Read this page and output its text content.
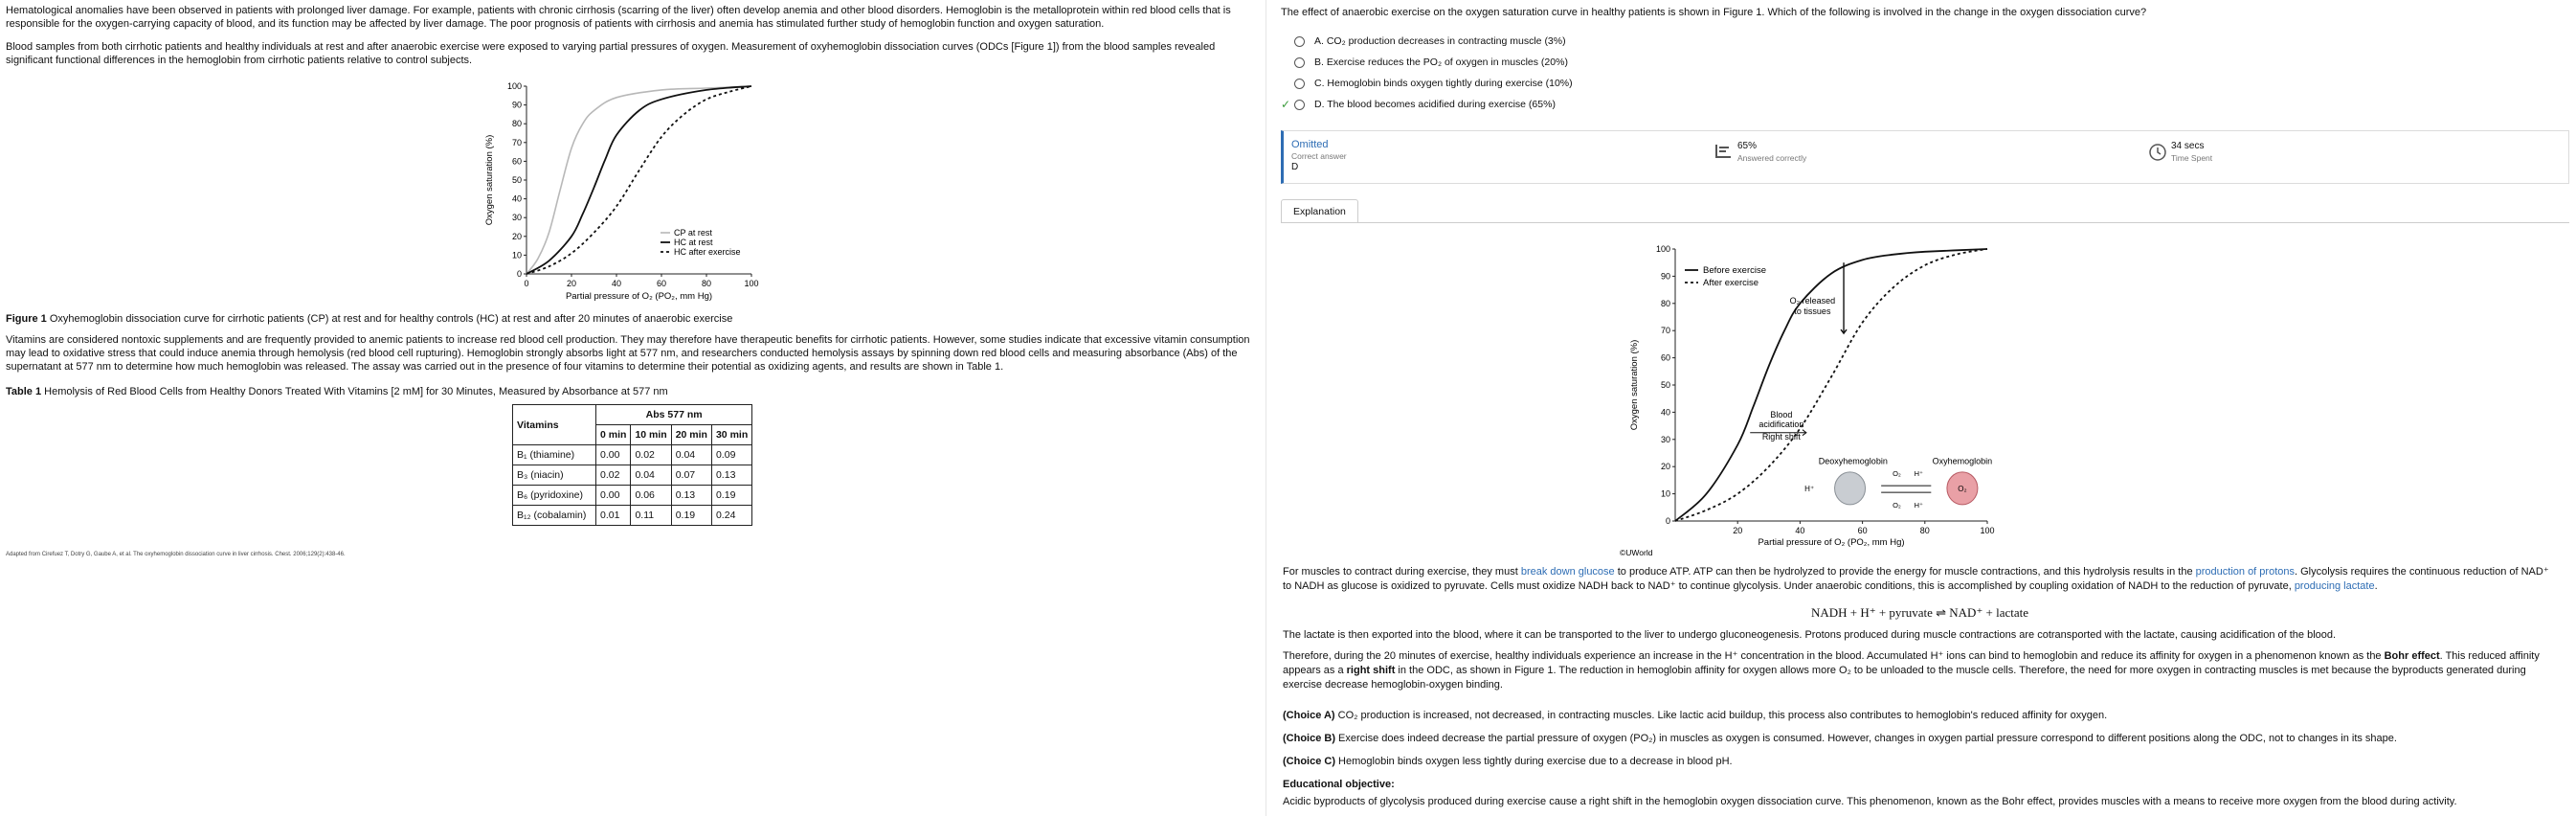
Hematological anomalies have been observed in patients with prolonged liver damage. For example, patients with chronic cirrhosis (scarring of the liver) often develop anemia and other blood disorders. Hemoglobin is the metalloprotein within red blood cells that is responsible for the oxygen-carrying capacity of blood, and its function may be affected by liver damage. The poor prognosis of patients with cirrhosis and anemia has stimulated further study of hemoglobin function and oxygen saturation.

Blood samples from both cirrhotic patients and healthy individuals at rest and after anaerobic exercise were exposed to varying partial pressures of oxygen. Measurement of oxyhemoglobin dissociation curves (ODCs [Figure 1]) from the blood samples revealed significant functional differences in the hemoglobin from cirrhotic patients relative to control subjects.

0	20	40	60	80	100
0
10
20
30
40
50
60
70
80
90
100
Partial pressure of O₂ (PO₂, mm Hg)
Oxygen saturation (%)
CP at rest
HC at rest
HC after exercise

Figure 1 Oxyhemoglobin dissociation curve for cirrhotic patients (CP) at rest and for healthy controls (HC) at rest and after 20 minutes of anaerobic exercise

Vitamins are considered nontoxic supplements and are frequently provided to anemic patients to increase red blood cell production. They may therefore have therapeutic benefits for cirrhotic patients. However, some studies indicate that excessive vitamin consumption may lead to oxidative stress that could induce anemia through hemolysis (red blood cell rupturing). Hemoglobin strongly absorbs light at 577 nm, and researchers conducted hemolysis assays by spinning down red blood cells and measuring absorbance (Abs) of the supernatant at 577 nm to determine how much hemoglobin was released. The assay was carried out in the presence of four vitamins to determine their potential as oxidizing agents, and results are shown in Table 1.

Table 1 Hemolysis of Red Blood Cells from Healthy Donors Treated With Vitamins [2 mM] for 30 Minutes, Measured by Absorbance at 577 nm

Vitamins	Abs 577 nm			
	0 min	10 min	20 min	30 min
B₁ (thiamine)	0.00	0.02	0.04	0.09
B₃ (niacin)	0.02	0.04	0.07	0.13
B₆ (pyridoxine)	0.00	0.06	0.13	0.19
B₁₂ (cobalamin)	0.01	0.11	0.19	0.24

Adapted from Cirefuez T, Dotry G, Gaube A, et al. The oxyhemoglobin dissociation curve in liver cirrhosis. Chest. 2006;129(2):438-46.

The effect of anaerobic exercise on the oxygen saturation curve in healthy patients is shown in Figure 1. Which of the following is involved in the change in the oxygen dissociation curve?

A. CO₂ production decreases in contracting muscle (3%)
B. Exercise reduces the PO₂ of oxygen in muscles (20%)
C. Hemoglobin binds oxygen tightly during exercise (10%)
✓	D. The blood becomes acidified during exercise (65%)
Omitted
Correct answer
D
65%
Answered correctly
34 secs
Time Spent
Explanation
20	40	60	80	100
0
10
20
30
40
50
60
70
80
90
100
Partial pressure of O₂ (PO₂, mm Hg)
Oxygen saturation (%)
©UWorld
Before exercise
After exercise
O₂ released
to tissues
Blood
acidification
Right shift
Deoxyhemoglobin	Oxyhemoglobin
H⁺	O₂
O₂ H⁺
O₂ H⁺

For muscles to contract during exercise, they must break down glucose to produce ATP. ATP can then be hydrolyzed to provide the energy for muscle contractions, and this hydrolysis results in the production of protons. Glycolysis requires the continuous reduction of NAD⁺ to NADH as glucose is oxidized to pyruvate. Cells must oxidize NADH back to NAD⁺ to continue glycolysis. Under anaerobic conditions, this is accomplished by coupling oxidation of NADH to the reduction of pyruvate, producing lactate.

NADH + H⁺ + pyruvate ⇌ NAD⁺ + lactate

The lactate is then exported into the blood, where it can be transported to the liver to undergo gluconeogenesis. Protons produced during muscle contractions are cotransported with the lactate, causing acidification of the blood.

Therefore, during the 20 minutes of exercise, healthy individuals experience an increase in the H⁺ concentration in the blood. Accumulated H⁺ ions can bind to hemoglobin and reduce its affinity for oxygen in a phenomenon known as the Bohr effect. This reduced affinity appears as a right shift in the ODC, as shown in Figure 1. The reduction in hemoglobin affinity for oxygen allows more O₂ to be unloaded to the muscle cells. Therefore, the need for more oxygen in contracting muscles is met because the byproducts generated during exercise decrease hemoglobin-oxygen binding.

(Choice A) CO₂ production is increased, not decreased, in contracting muscles. Like lactic acid buildup, this process also contributes to hemoglobin's reduced affinity for oxygen.

(Choice B) Exercise does indeed decrease the partial pressure of oxygen (PO₂) in muscles as oxygen is consumed. However, changes in oxygen partial pressure correspond to different positions along the ODC, not to changes in its shape.

(Choice C) Hemoglobin binds oxygen less tightly during exercise due to a decrease in blood pH.

Educational objective:

Acidic byproducts of glycolysis produced during exercise cause a right shift in the hemoglobin oxygen dissociation curve. This phenomenon, known as the Bohr effect, provides muscles with a means to receive more oxygen from the blood during activity.
